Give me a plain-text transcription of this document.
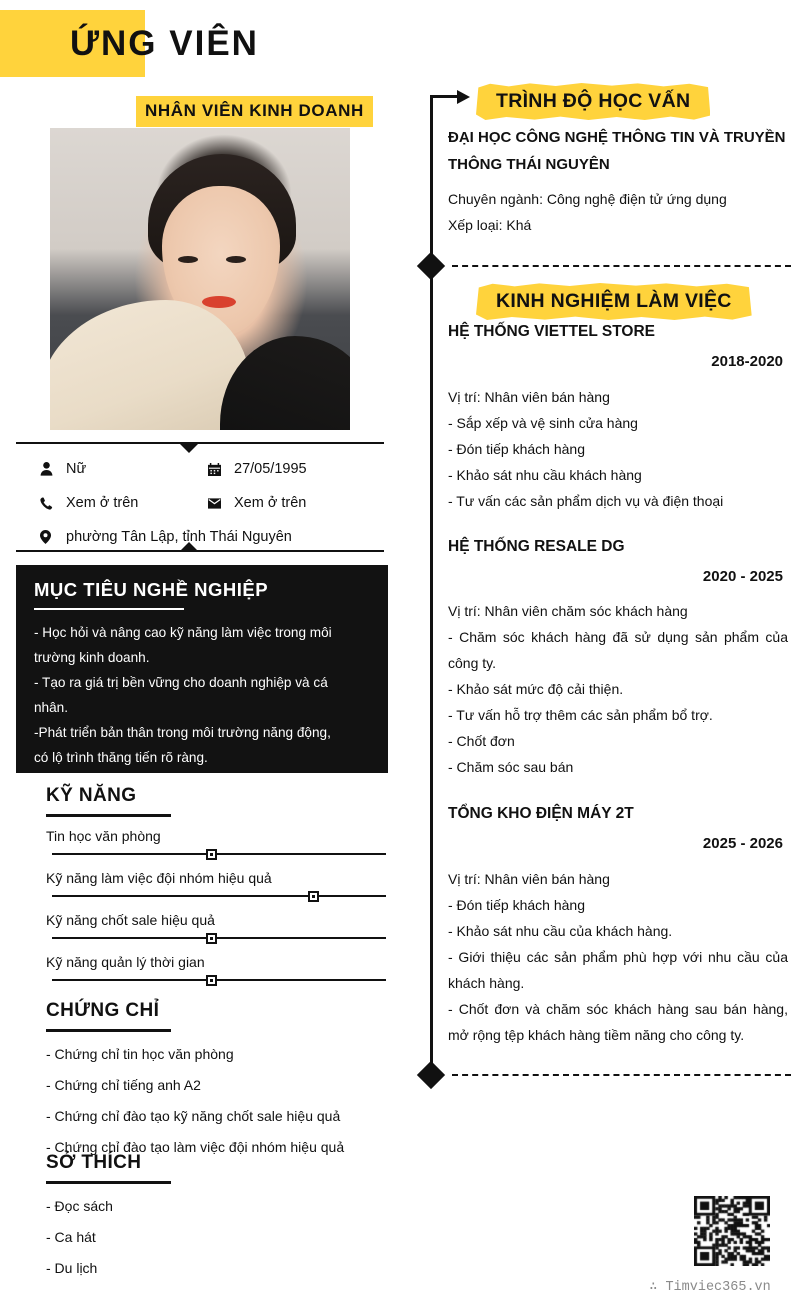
ỨNG VIÊN
NHÂN VIÊN KINH DOANH
Nữ	27/05/1995
Xem ở trên	Xem ở trên
phường Tân Lập, tỉnh Thái Nguyên
MỤC TIÊU NGHỀ NGHIỆP
- Học hỏi và nâng cao kỹ năng làm việc trong môi
trường kinh doanh.
- Tạo ra giá trị bền vững cho doanh nghiệp và cá
nhân.
-Phát triển bản thân trong môi trường năng động,
có lộ trình thăng tiến rõ ràng.
KỸ NĂNG
Tin học văn phòng
Kỹ năng làm việc đội nhóm hiệu quả
Kỹ năng chốt sale hiệu quả
Kỹ năng quản lý thời gian
CHỨNG CHỈ
- Chứng chỉ tin học văn phòng
- Chứng chỉ tiếng anh A2
- Chứng chỉ đào tạo kỹ năng chốt sale hiệu quả
- Chứng chỉ đào tạo làm việc đội nhóm hiệu quả
SỞ THÍCH
- Đọc sách
- Ca hát
- Du lịch
TRÌNH ĐỘ HỌC VẤN
ĐẠI HỌC CÔNG NGHỆ THÔNG TIN VÀ TRUYỀN
THÔNG THÁI NGUYÊN
Chuyên ngành: Công nghệ điện tử ứng dụng
Xếp loại: Khá
KINH NGHIỆM LÀM VIỆC
HỆ THỐNG VIETTEL STORE
2018-2020
Vị trí: Nhân viên bán hàng
- Sắp xếp và vệ sinh cửa hàng
- Đón tiếp khách hàng
- Khảo sát nhu cầu khách hàng
- Tư vấn các sản phẩm dịch vụ và điện thoại
HỆ THỐNG RESALE DG
2020 - 2025
Vị trí: Nhân viên chăm sóc khách hàng
- Chăm sóc khách hàng đã sử dụng sản phẩm của công ty.
- Khảo sát mức độ cải thiện.
- Tư vấn hỗ trợ thêm các sản phẩm bổ trợ.
- Chốt đơn
- Chăm sóc sau bán
TỔNG KHO ĐIỆN MÁY 2T
2025 - 2026
Vị trí: Nhân viên bán hàng
- Đón tiếp khách hàng
- Khảo sát nhu cầu của khách hàng.
- Giới thiệu các sản phẩm phù hợp với nhu cầu của khách hàng.
- Chốt đơn và chăm sóc khách hàng sau bán hàng, mở rộng tệp khách hàng tiềm năng cho công ty.
∴ Timviec365.vn
